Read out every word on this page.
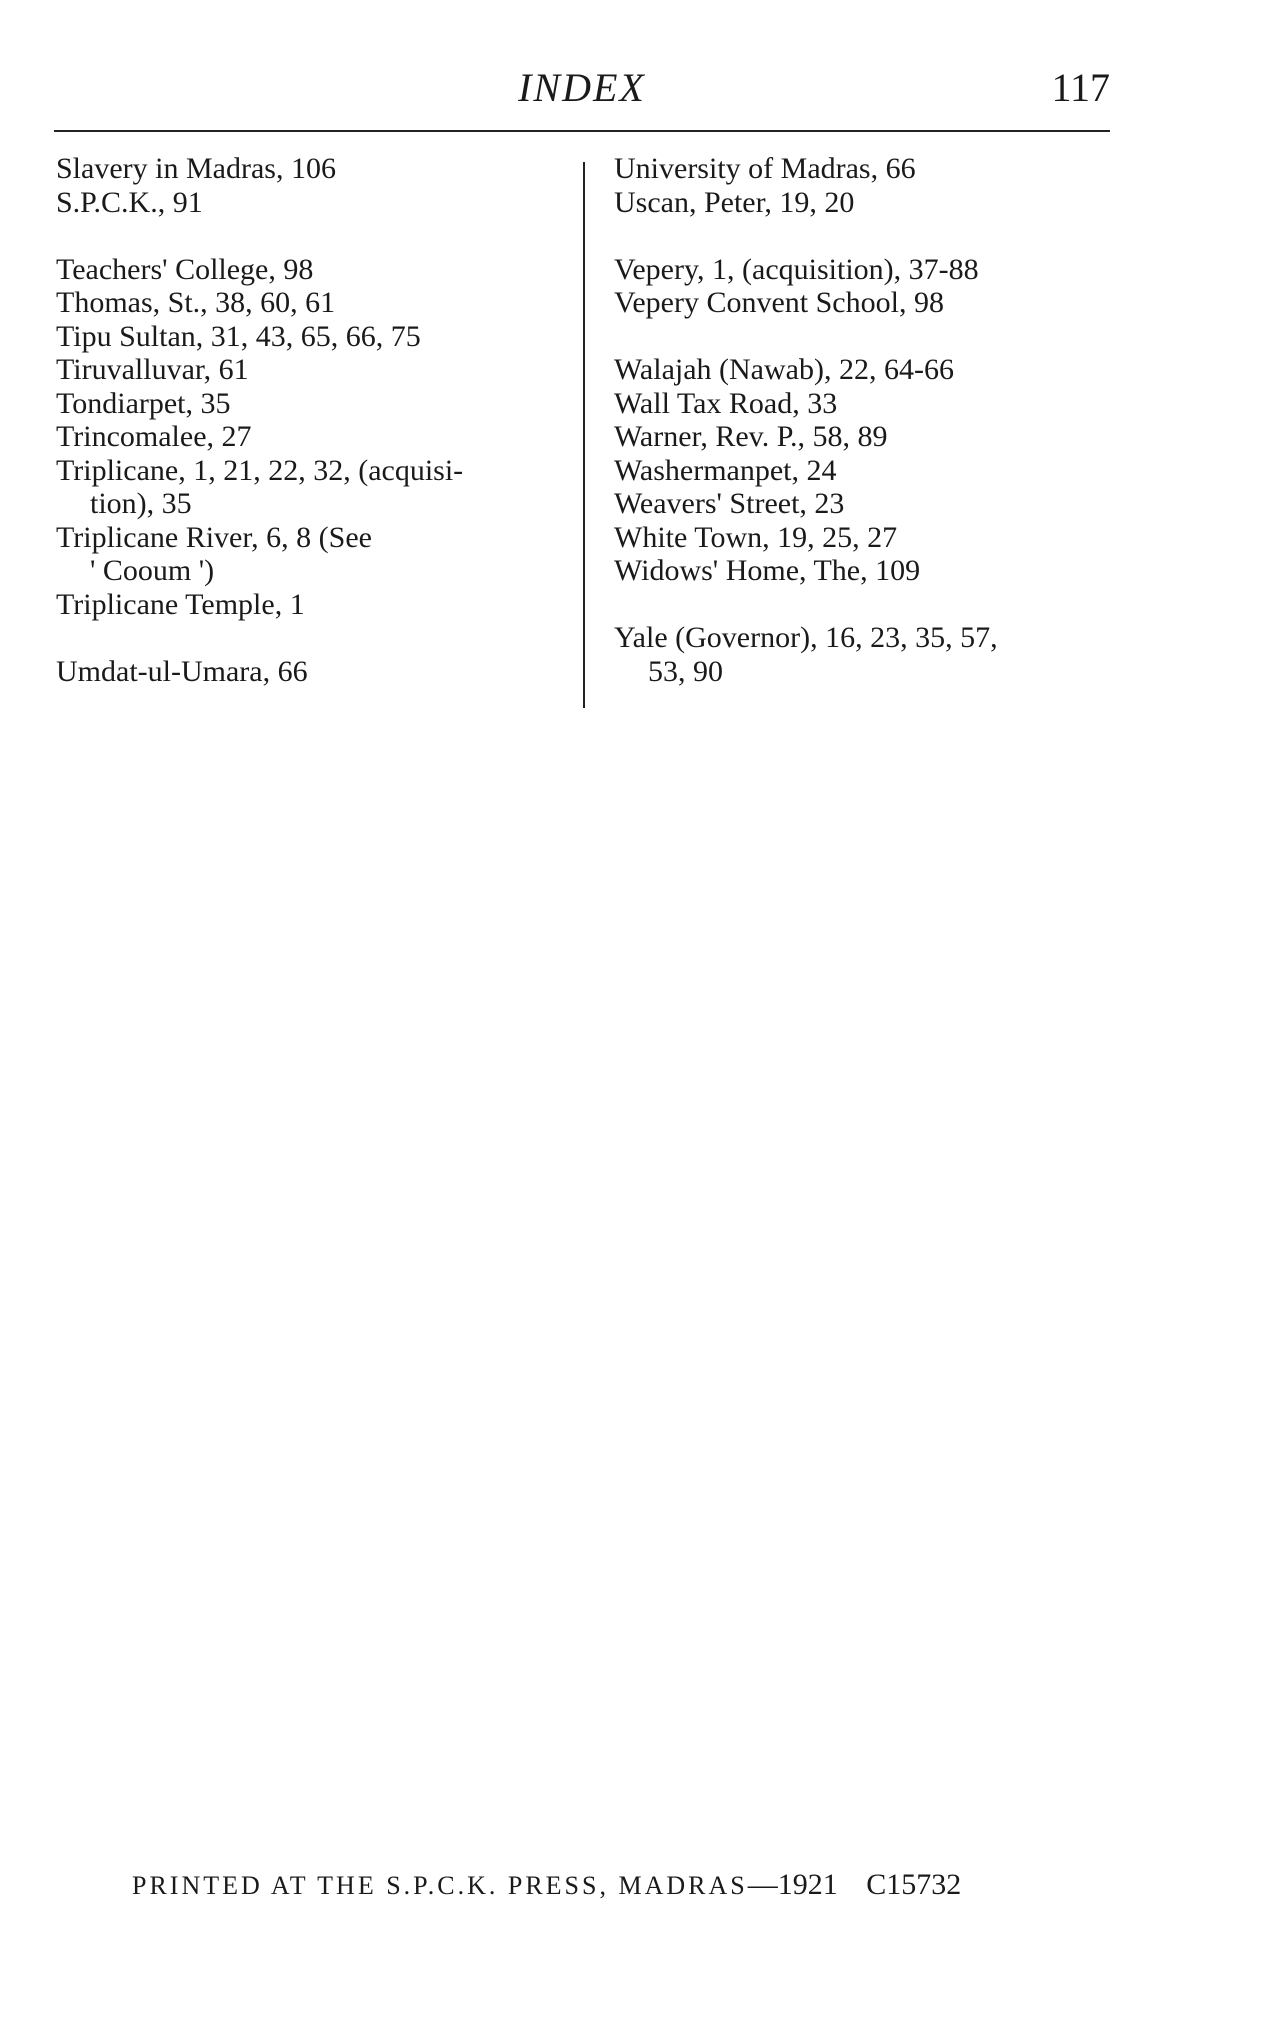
INDEX	117
Slavery in Madras, 106
S.P.C.K., 91
Teachers' College, 98
Thomas, St., 38, 60, 61
Tipu Sultan, 31, 43, 65, 66, 75
Tiruvalluvar, 61
Tondiarpet, 35
Trincomalee, 27
Triplicane, 1, 21, 22, 32, (acquisi-
tion), 35
Triplicane River, 6, 8 (See
' Cooum ')
Triplicane Temple, 1
Umdat-ul-Umara, 66
University of Madras, 66
Uscan, Peter, 19, 20
Vepery, 1, (acquisition), 37-88
Vepery Convent School, 98
Walajah (Nawab), 22, 64-66
Wall Tax Road, 33
Warner, Rev. P., 58, 89
Washermanpet, 24
Weavers' Street, 23
White Town, 19, 25, 27
Widows' Home, The, 109
Yale (Governor), 16, 23, 35, 57,
53, 90
PRINTED AT THE S.P.C.K. PRESS, MADRAS—1921 C15732
